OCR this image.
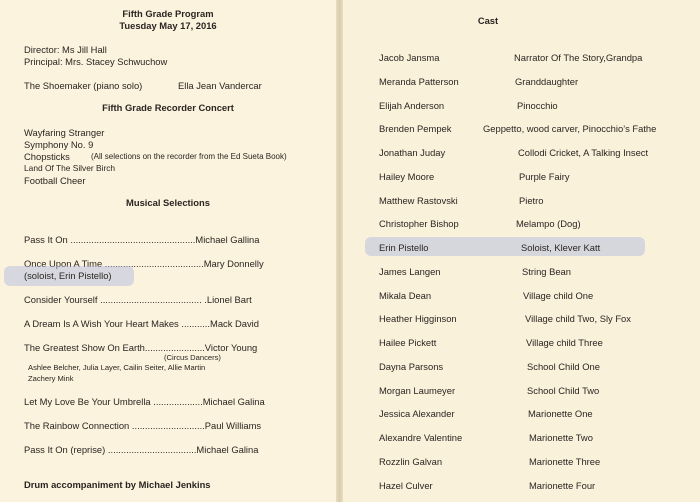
Fifth Grade Program
Tuesday May 17, 2016
Director: Ms Jill Hall
Principal: Mrs. Stacey Schwuchow
The Shoemaker (piano solo)	Ella Jean Vandercar
Fifth Grade Recorder Concert
Wayfaring Stranger
Symphony No. 9
Chopsticks	(All selections on the recorder from the Ed Sueta Book)
Land Of The Silver Birch
Football Cheer
Musical Selections
Pass It On ................................................Michael Gallina
Once Upon A Time ......................................Mary Donnelly
(soloist, Erin Pistello)
Consider Yourself ....................................... .Lionel Bart
A Dream Is A Wish Your Heart Makes ...........Mack David
The Greatest Show On Earth.......................Victor Young
(Circus Dancers)
Ashlee Belcher, Julia Layer, Cailin Seiter, Allie Martin
Zachery Mink
Let My Love Be Your Umbrella ...................Michael Galina
The Rainbow Connection ............................Paul Williams
Pass It On (reprise) ..................................Michael Galina
Drum accompaniment by Michael Jenkins
Cast
Jacob Jansma	Narrator Of The Story,Grandpa
Meranda Patterson	Granddaughter
Elijah Anderson	Pinocchio
Brenden Pempek	Geppetto, wood carver, Pinocchio’s Fathe
Jonathan Juday	Collodi Cricket, A Talking Insect
Hailey Moore	Purple Fairy
Matthew Rastovski	Pietro
Christopher Bishop	Melampo (Dog)
Erin Pistello	Soloist, Klever Katt
James Langen	String Bean
Mikala Dean	Village child One
Heather Higginson	Village child Two, Sly Fox
Hailee Pickett	Village child Three
Dayna Parsons	School Child One
Morgan Laumeyer	School Child Two
Jessica Alexander	Marionette One
Alexandre Valentine	Marionette Two
Rozzlin Galvan	Marionette Three
Hazel Culver	Marionette Four
